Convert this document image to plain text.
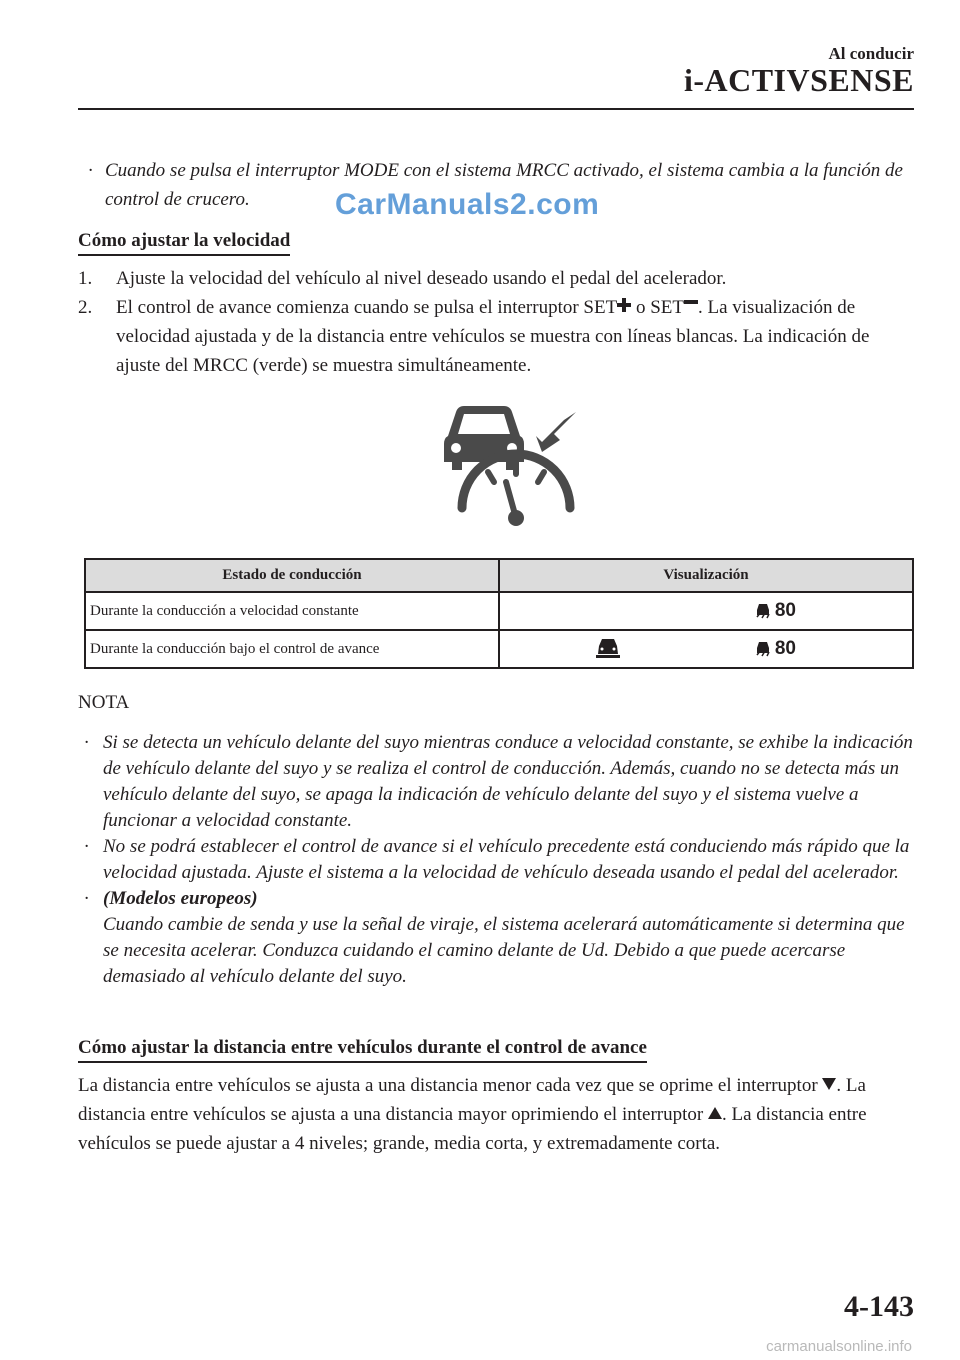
Al conducir
i-ACTIVSENSE
· Cuando se pulsa el interruptor MODE con el sistema MRCC activado, el sistema cambia a la función de control de crucero.
Cómo ajustar la velocidad
1. Ajuste la velocidad del vehículo al nivel deseado usando el pedal del acelerador.
2. El control de avance comienza cuando se pulsa el interruptor SET o SET . La visualización de velocidad ajustada y de la distancia entre vehículos se muestra con líneas blancas. La indicación de ajuste del MRCC (verde) se muestra simultáneamente.
CarManuals2.com
Estado de conducción	Visualización
Durante la conducción a velocidad constante	80

Durante la conducción bajo el control de avance	80
NOTA
· Si se detecta un vehículo delante del suyo mientras conduce a velocidad constante, se exhibe la indicación de vehículo delante del suyo y se realiza el control de conducción. Además, cuando no se detecta más un vehículo delante del suyo, se apaga la indicación de vehículo delante del suyo y el sistema vuelve a funcionar a velocidad constante.
· No se podrá establecer el control de avance si el vehículo precedente está conduciendo más rápido que la velocidad ajustada. Ajuste el sistema a la velocidad de vehículo deseada usando el pedal del acelerador.
· (Modelos europeos)
Cuando cambie de senda y use la señal de viraje, el sistema acelerará automáticamente si determina que se necesita acelerar. Conduzca cuidando el camino delante de Ud. Debido a que puede acercarse demasiado al vehículo delante del suyo.
Cómo ajustar la distancia entre vehículos durante el control de avance
La distancia entre vehículos se ajusta a una distancia menor cada vez que se oprime el interruptor . La distancia entre vehículos se ajusta a una distancia mayor oprimiendo el interruptor . La distancia entre vehículos se puede ajustar a 4 niveles; grande, media corta, y extremadamente corta.
4-143
carmanualsonline.info
